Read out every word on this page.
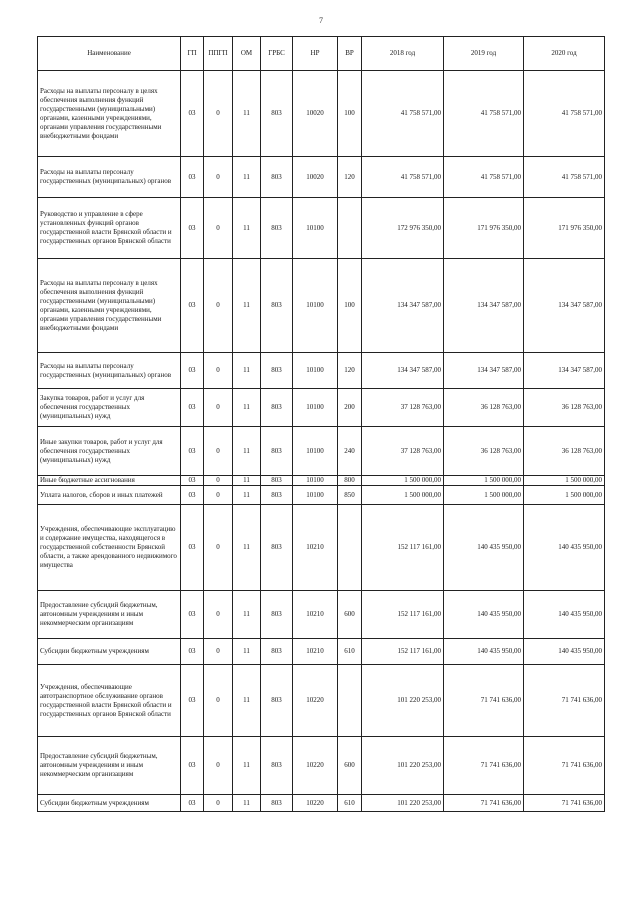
7
Наименование	ГП	ППГП	ОМ	ГРБС	НР	ВР	2018 год	2019 год	2020 год
Расходы на выплаты персоналу в целях обеспечения выполнения функций государственными (муниципальными) органами, казенными учреждениями, органами управления государственными внебюджетными фондами	03	0	11	803	10020	100	41 758 571,00	41 758 571,00	41 758 571,00
Расходы на выплаты персоналу государственных (муниципальных) органов	03	0	11	803	10020	120	41 758 571,00	41 758 571,00	41 758 571,00
Руководство и управление в сфере установленных функций органов государственной власти Брянской области и государственных органов Брянской области	03	0	11	803	10100		172 976 350,00	171 976 350,00	171 976 350,00
Расходы на выплаты персоналу в целях обеспечения выполнения функций государственными (муниципальными) органами, казенными учреждениями, органами управления государственными внебюджетными фондами	03	0	11	803	10100	100	134 347 587,00	134 347 587,00	134 347 587,00
Расходы на выплаты персоналу государственных (муниципальных) органов	03	0	11	803	10100	120	134 347 587,00	134 347 587,00	134 347 587,00
Закупка товаров, работ и услуг для обеспечения государственных (муниципальных) нужд	03	0	11	803	10100	200	37 128 763,00	36 128 763,00	36 128 763,00
Иные закупки товаров, работ и услуг для обеспечения государственных (муниципальных) нужд	03	0	11	803	10100	240	37 128 763,00	36 128 763,00	36 128 763,00
Иные бюджетные ассигнования	03	0	11	803	10100	800	1 500 000,00	1 500 000,00	1 500 000,00
Уплата налогов, сборов и иных платежей	03	0	11	803	10100	850	1 500 000,00	1 500 000,00	1 500 000,00
Учреждения, обеспечивающие эксплуатацию и содержание имущества, находящегося в государственной собственности Брянской области, а также арендованного недвижимого имущества	03	0	11	803	10210		152 117 161,00	140 435 950,00	140 435 950,00
Предоставление субсидий бюджетным, автономным учреждениям и иным некоммерческим организациям	03	0	11	803	10210	600	152 117 161,00	140 435 950,00	140 435 950,00
Субсидии бюджетным учреждениям	03	0	11	803	10210	610	152 117 161,00	140 435 950,00	140 435 950,00
Учреждения, обеспечивающие автотранспортное обслуживание органов государственной власти Брянской области и государственных органов Брянской области	03	0	11	803	10220		101 220 253,00	71 741 636,00	71 741 636,00
Предоставление субсидий бюджетным, автономным учреждениям и иным некоммерческим организациям	03	0	11	803	10220	600	101 220 253,00	71 741 636,00	71 741 636,00
Субсидии бюджетным учреждениям	03	0	11	803	10220	610	101 220 253,00	71 741 636,00	71 741 636,00
